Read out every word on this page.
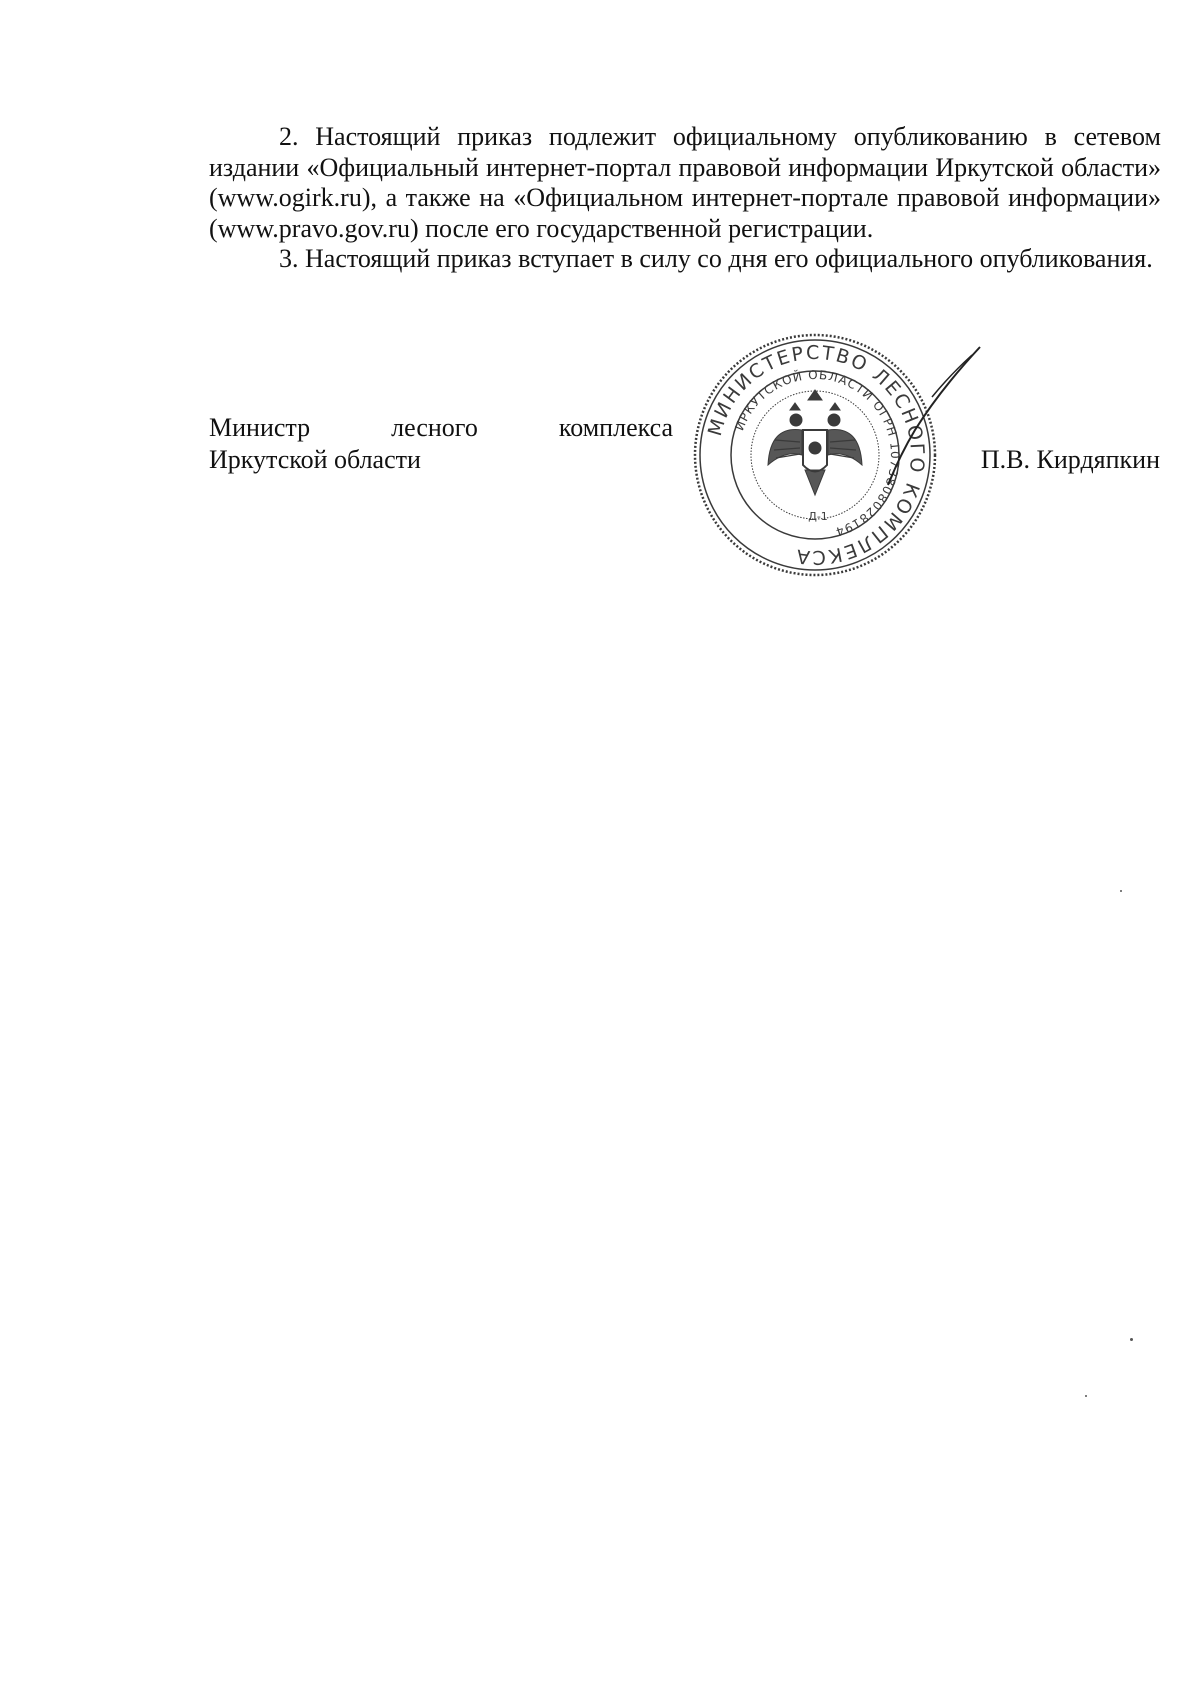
2. Настоящий приказ подлежит официальному опубликованию в сетевом издании «Официальный интернет-портал правовой информации Иркутской области» (www.ogirk.ru), а также на «Официальном интернет-портале правовой информации» (www.pravo.gov.ru) после его государственной регистрации.

3. Настоящий приказ вступает в силу со дня его официального опубликования.

Министр лесного комплекса
Иркутской области	П.В. Кирдяпкин
МИНИСТЕРСТВО ЛЕСНОГО КОМПЛЕКСА
ИРКУТСКОЙ ОБЛАСТИ ОГРН 1073808028194
Д-1
